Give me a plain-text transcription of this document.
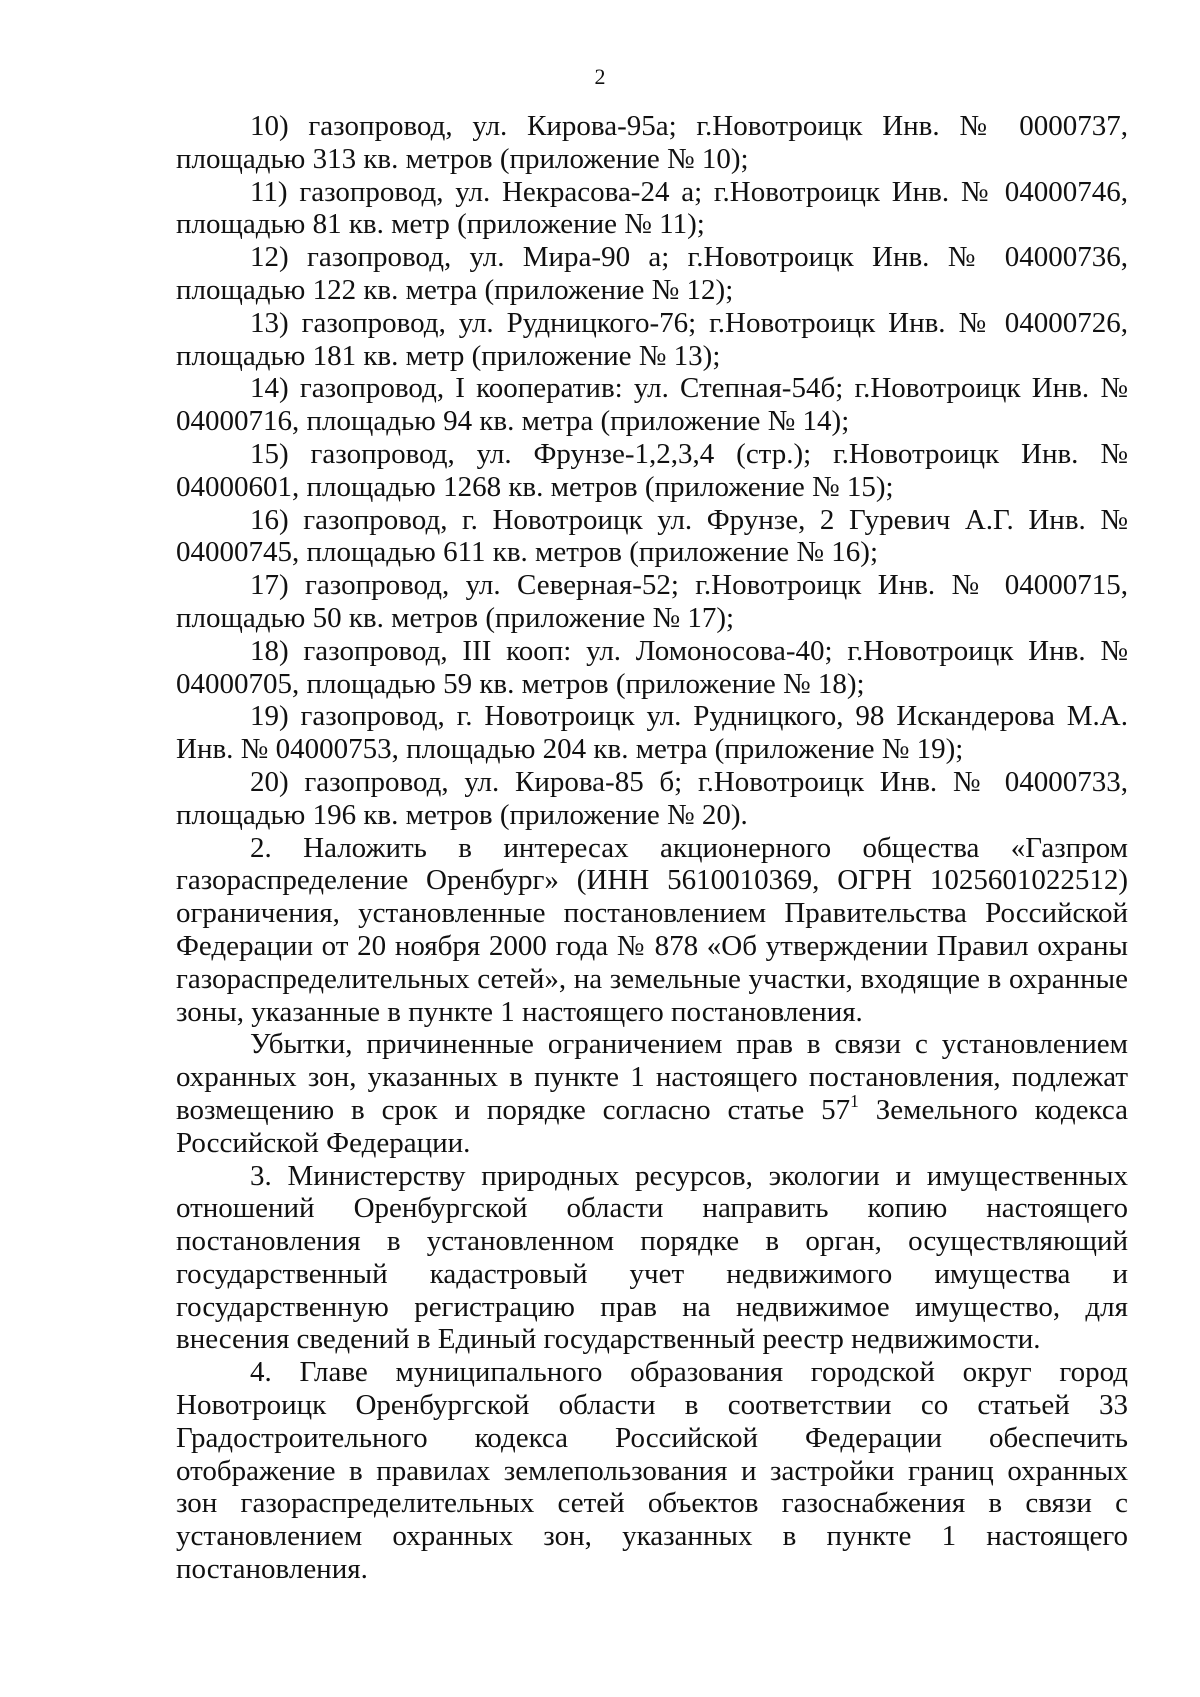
2

10) газопровод, ул. Кирова-95а; г.Новотроицк Инв. № 0000737, площадью 313 кв. метров (приложение № 10);

11) газопровод, ул. Некрасова-24 а; г.Новотроицк Инв. № 04000746, площадью 81 кв. метр (приложение № 11);

12) газопровод, ул. Мира-90 а; г.Новотроицк Инв. № 04000736, площадью 122 кв. метра (приложение № 12);

13) газопровод, ул. Рудницкого-76; г.Новотроицк Инв. № 04000726, площадью 181 кв. метр (приложение № 13);

14) газопровод, I кооператив: ул. Степная-54б; г.Новотроицк Инв. № 04000716, площадью 94 кв. метра (приложение № 14);

15) газопровод, ул. Фрунзе-1,2,3,4 (стр.); г.Новотроицк Инв. № 04000601, площадью 1268 кв. метров (приложение № 15);

16) газопровод, г. Новотроицк ул. Фрунзе, 2 Гуревич А.Г. Инв. № 04000745, площадью 611 кв. метров (приложение № 16);

17) газопровод, ул. Северная-52; г.Новотроицк Инв. № 04000715, площадью 50 кв. метров (приложение № 17);

18) газопровод, III кооп: ул. Ломоносова-40; г.Новотроицк Инв. № 04000705, площадью 59 кв. метров (приложение № 18);

19) газопровод, г. Новотроицк ул. Рудницкого, 98 Искандерова М.А. Инв. № 04000753, площадью 204 кв. метра (приложение № 19);

20) газопровод, ул. Кирова-85 б; г.Новотроицк Инв. № 04000733, площадью 196 кв. метров (приложение № 20).

2. Наложить в интересах акционерного общества «Газпром газораспределение Оренбург» (ИНН 5610010369, ОГРН 1025601022512) ограничения, установленные постановлением Правительства Российской Федерации от 20 ноября 2000 года № 878 «Об утверждении Правил охраны газораспределительных сетей», на земельные участки, входящие в охранные зоны, указанные в пункте 1 настоящего постановления.

Убытки, причиненные ограничением прав в связи с установлением охранных зон, указанных в пункте 1 настоящего постановления, подлежат возмещению в срок и порядке согласно статье $57^1$ Земельного кодекса Российской Федерации.

3. Министерству природных ресурсов, экологии и имущественных отношений Оренбургской области направить копию настоящего постановления в установленном порядке в орган, осуществляющий государственный кадастровый учет недвижимого имущества и государственную регистрацию прав на недвижимое имущество, для внесения сведений в Единый государственный реестр недвижимости.

4. Главе муниципального образования городской округ город Новотроицк Оренбургской области в соответствии со статьей 33 Градостроительного кодекса Российской Федерации обеспечить отображение в правилах землепользования и застройки границ охранных зон газораспределительных сетей объектов газоснабжения в связи с установлением охранных зон, указанных в пункте 1 настоящего постановления.
